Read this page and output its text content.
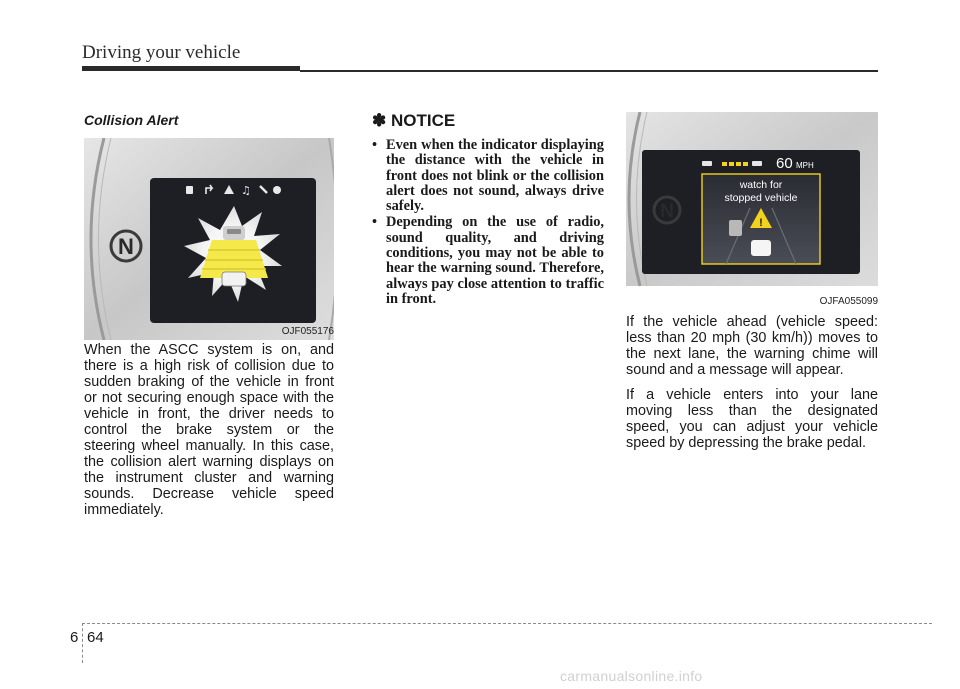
Driving your vehicle
Collision Alert
♫
N
OJF055176

When the ASCC system is on, and there is a high risk of collision due to sudden braking of the vehicle in front or not securing enough space with the vehicle in front, the driver needs to control the brake system or the steering wheel manually. In this case, the collision alert warning displays on the instrument cluster and warning sounds. Decrease vehicle speed immediately.

✽ NOTICE
• Even when the indicator displaying the distance with the vehicle in front does not blink or the collision alert does not sound, always drive safely.
• Depending on the use of radio, sound quality, and driving conditions, you may not be able to hear the warning sound. Therefore, always pay close attention to traffic in front.
60 MPH
watch for
stopped vehicle
!
N
OJFA055099

If the vehicle ahead (vehicle speed: less than 20 mph (30 km/h)) moves to the next lane, the warning chime will sound and a message will appear.

If a vehicle enters into your lane moving less than the designated speed, you can adjust your vehicle speed by depressing the brake pedal.

6 64
carmanualsonline.info
